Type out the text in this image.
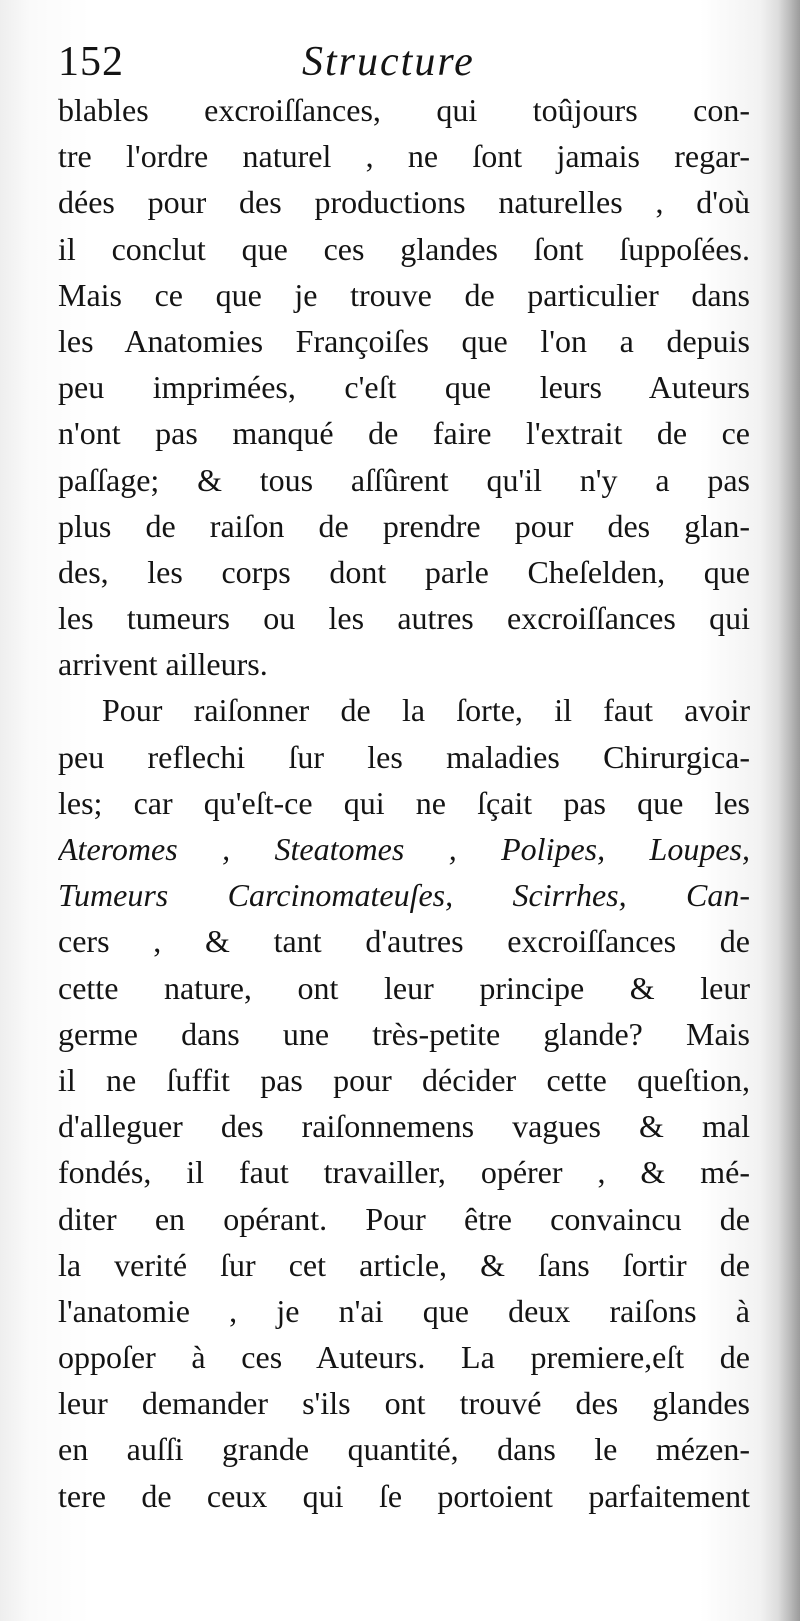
152	Structure
blables excroiſſances, qui toûjours con-
tre l'ordre naturel , ne ſont jamais regar-
dées pour des productions naturelles , d'où
il conclut que ces glandes ſont ſuppoſées.
Mais ce que je trouve de particulier dans
les Anatomies Françoiſes que l'on a depuis
peu imprimées, c'eſt que leurs Auteurs
n'ont pas manqué de faire l'extrait de ce
paſſage; & tous aſſûrent qu'il n'y a pas
plus de raiſon de prendre pour des glan-
des, les corps dont parle Cheſelden, que
les tumeurs ou les autres excroiſſances qui
arrivent ailleurs.
Pour raiſonner de la ſorte, il faut avoir
peu reflechi ſur les maladies Chirurgica-
les; car qu'eſt-ce qui ne ſçait pas que les
Ateromes , Steatomes , Polipes, Loupes,
Tumeurs Carcinomateuſes, Scirrhes, Can-
cers , & tant d'autres excroiſſances de
cette nature, ont leur principe & leur
germe dans une très-petite glande? Mais
il ne ſuffit pas pour décider cette queſtion,
d'alleguer des raiſonnemens vagues & mal
fondés, il faut travailler, opérer , & mé-
diter en opérant. Pour être convaincu de
la verité ſur cet article, & ſans ſortir de
l'anatomie , je n'ai que deux raiſons à
oppoſer à ces Auteurs. La premiere,eſt de
leur demander s'ils ont trouvé des glandes
en auſſi grande quantité, dans le mézen-
tere de ceux qui ſe portoient parfaitement
